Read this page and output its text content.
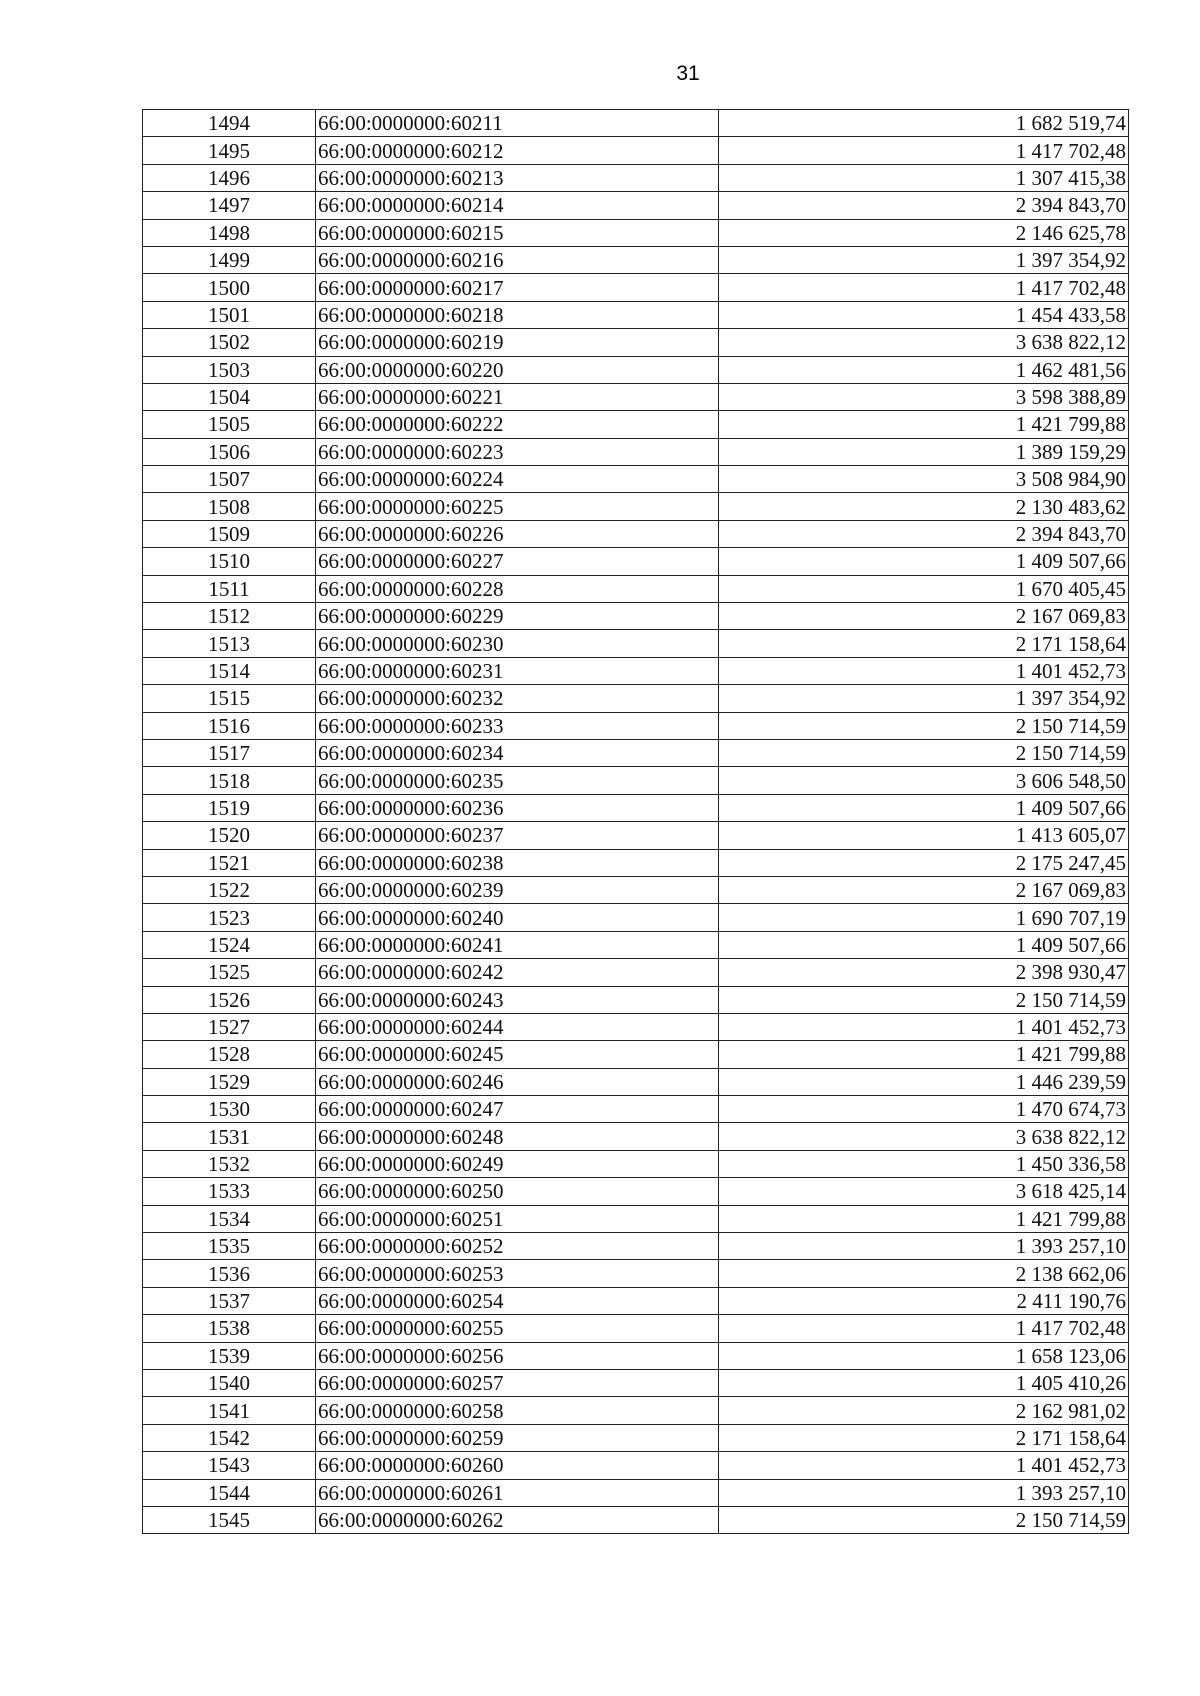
31
1494	66:00:0000000:60211	1 682 519,74
1495	66:00:0000000:60212	1 417 702,48
1496	66:00:0000000:60213	1 307 415,38
1497	66:00:0000000:60214	2 394 843,70
1498	66:00:0000000:60215	2 146 625,78
1499	66:00:0000000:60216	1 397 354,92
1500	66:00:0000000:60217	1 417 702,48
1501	66:00:0000000:60218	1 454 433,58
1502	66:00:0000000:60219	3 638 822,12
1503	66:00:0000000:60220	1 462 481,56
1504	66:00:0000000:60221	3 598 388,89
1505	66:00:0000000:60222	1 421 799,88
1506	66:00:0000000:60223	1 389 159,29
1507	66:00:0000000:60224	3 508 984,90
1508	66:00:0000000:60225	2 130 483,62
1509	66:00:0000000:60226	2 394 843,70
1510	66:00:0000000:60227	1 409 507,66
1511	66:00:0000000:60228	1 670 405,45
1512	66:00:0000000:60229	2 167 069,83
1513	66:00:0000000:60230	2 171 158,64
1514	66:00:0000000:60231	1 401 452,73
1515	66:00:0000000:60232	1 397 354,92
1516	66:00:0000000:60233	2 150 714,59
1517	66:00:0000000:60234	2 150 714,59
1518	66:00:0000000:60235	3 606 548,50
1519	66:00:0000000:60236	1 409 507,66
1520	66:00:0000000:60237	1 413 605,07
1521	66:00:0000000:60238	2 175 247,45
1522	66:00:0000000:60239	2 167 069,83
1523	66:00:0000000:60240	1 690 707,19
1524	66:00:0000000:60241	1 409 507,66
1525	66:00:0000000:60242	2 398 930,47
1526	66:00:0000000:60243	2 150 714,59
1527	66:00:0000000:60244	1 401 452,73
1528	66:00:0000000:60245	1 421 799,88
1529	66:00:0000000:60246	1 446 239,59
1530	66:00:0000000:60247	1 470 674,73
1531	66:00:0000000:60248	3 638 822,12
1532	66:00:0000000:60249	1 450 336,58
1533	66:00:0000000:60250	3 618 425,14
1534	66:00:0000000:60251	1 421 799,88
1535	66:00:0000000:60252	1 393 257,10
1536	66:00:0000000:60253	2 138 662,06
1537	66:00:0000000:60254	2 411 190,76
1538	66:00:0000000:60255	1 417 702,48
1539	66:00:0000000:60256	1 658 123,06
1540	66:00:0000000:60257	1 405 410,26
1541	66:00:0000000:60258	2 162 981,02
1542	66:00:0000000:60259	2 171 158,64
1543	66:00:0000000:60260	1 401 452,73
1544	66:00:0000000:60261	1 393 257,10
1545	66:00:0000000:60262	2 150 714,59
